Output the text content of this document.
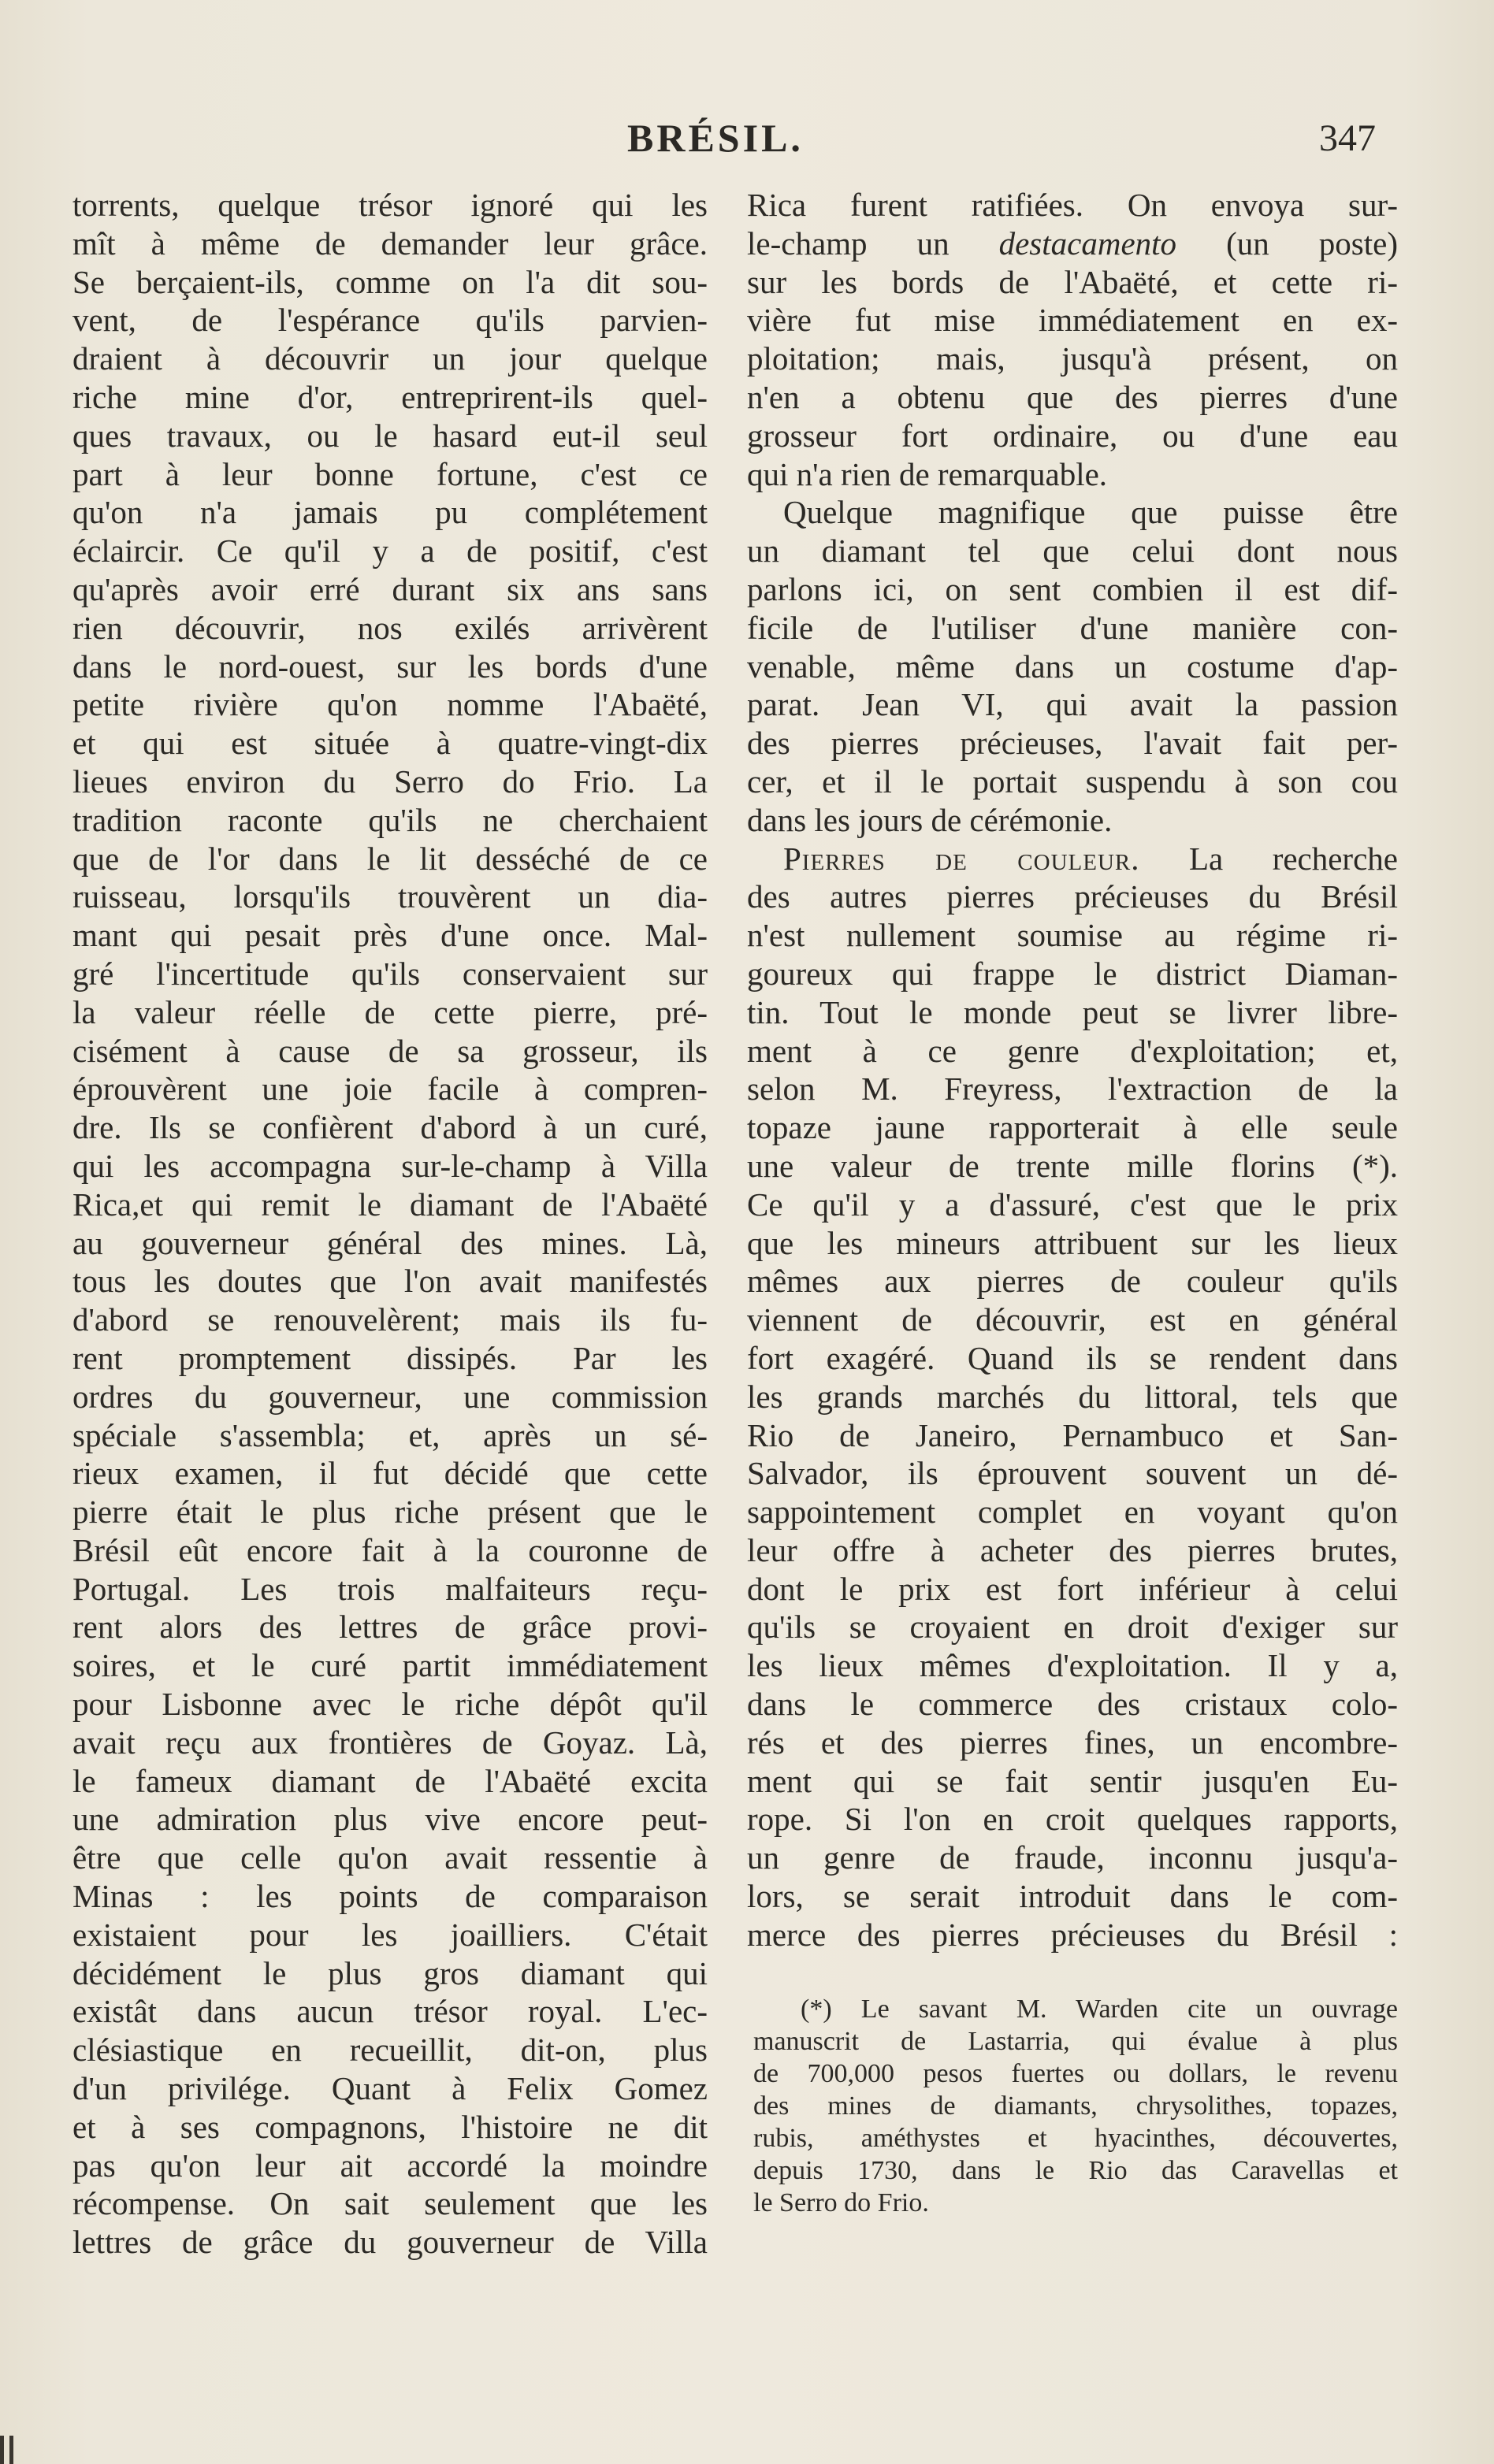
BRÉSIL.	347
torrents, quelque trésor ignoré qui les
mît à même de demander leur grâce.
Se berçaient-ils, comme on l'a dit sou-
vent, de l'espérance qu'ils parvien-
draient à découvrir un jour quelque
riche mine d'or, entreprirent-ils quel-
ques travaux, ou le hasard eut-il seul
part à leur bonne fortune, c'est ce
qu'on n'a jamais pu complétement
éclaircir. Ce qu'il y a de positif, c'est
qu'après avoir erré durant six ans sans
rien découvrir, nos exilés arrivèrent
dans le nord-ouest, sur les bords d'une
petite rivière qu'on nomme l'Abaëté,
et qui est située à quatre-vingt-dix
lieues environ du Serro do Frio. La
tradition raconte qu'ils ne cherchaient
que de l'or dans le lit desséché de ce
ruisseau, lorsqu'ils trouvèrent un dia-
mant qui pesait près d'une once. Mal-
gré l'incertitude qu'ils conservaient sur
la valeur réelle de cette pierre, pré-
cisément à cause de sa grosseur, ils
éprouvèrent une joie facile à compren-
dre. Ils se confièrent d'abord à un curé,
qui les accompagna sur-le-champ à Villa
Rica,et qui remit le diamant de l'Abaëté
au gouverneur général des mines. Là,
tous les doutes que l'on avait manifestés
d'abord se renouvelèrent; mais ils fu-
rent promptement dissipés. Par les
ordres du gouverneur, une commission
spéciale s'assembla; et, après un sé-
rieux examen, il fut décidé que cette
pierre était le plus riche présent que le
Brésil eût encore fait à la couronne de
Portugal. Les trois malfaiteurs reçu-
rent alors des lettres de grâce provi-
soires, et le curé partit immédiatement
pour Lisbonne avec le riche dépôt qu'il
avait reçu aux frontières de Goyaz. Là,
le fameux diamant de l'Abaëté excita
une admiration plus vive encore peut-
être que celle qu'on avait ressentie à
Minas : les points de comparaison
existaient pour les joailliers. C'était
décidément le plus gros diamant qui
existât dans aucun trésor royal. L'ec-
clésiastique en recueillit, dit-on, plus
d'un privilége. Quant à Felix Gomez
et à ses compagnons, l'histoire ne dit
pas qu'on leur ait accordé la moindre
récompense. On sait seulement que les
lettres de grâce du gouverneur de Villa
Rica furent ratifiées. On envoya sur-
le-champ un destacamento (un poste)
sur les bords de l'Abaëté, et cette ri-
vière fut mise immédiatement en ex-
ploitation; mais, jusqu'à présent, on
n'en a obtenu que des pierres d'une
grosseur fort ordinaire, ou d'une eau
qui n'a rien de remarquable.
Quelque magnifique que puisse être
un diamant tel que celui dont nous
parlons ici, on sent combien il est dif-
ficile de l'utiliser d'une manière con-
venable, même dans un costume d'ap-
parat. Jean VI, qui avait la passion
des pierres précieuses, l'avait fait per-
cer, et il le portait suspendu à son cou
dans les jours de cérémonie.
Pierres de couleur. La recherche
des autres pierres précieuses du Brésil
n'est nullement soumise au régime ri-
goureux qui frappe le district Diaman-
tin. Tout le monde peut se livrer libre-
ment à ce genre d'exploitation; et,
selon M. Freyress, l'extraction de la
topaze jaune rapporterait à elle seule
une valeur de trente mille florins (*).
Ce qu'il y a d'assuré, c'est que le prix
que les mineurs attribuent sur les lieux
mêmes aux pierres de couleur qu'ils
viennent de découvrir, est en général
fort exagéré. Quand ils se rendent dans
les grands marchés du littoral, tels que
Rio de Janeiro, Pernambuco et San-
Salvador, ils éprouvent souvent un dé-
sappointement complet en voyant qu'on
leur offre à acheter des pierres brutes,
dont le prix est fort inférieur à celui
qu'ils se croyaient en droit d'exiger sur
les lieux mêmes d'exploitation. Il y a,
dans le commerce des cristaux colo-
rés et des pierres fines, un encombre-
ment qui se fait sentir jusqu'en Eu-
rope. Si l'on en croit quelques rapports,
un genre de fraude, inconnu jusqu'a-
lors, se serait introduit dans le com-
merce des pierres précieuses du Brésil :
(*) Le savant M. Warden cite un ouvrage
manuscrit de Lastarria, qui évalue à plus
de 700,000 pesos fuertes ou dollars, le revenu
des mines de diamants, chrysolithes, topazes,
rubis, améthystes et hyacinthes, découvertes,
depuis 1730, dans le Rio das Caravellas et
le Serro do Frio.
